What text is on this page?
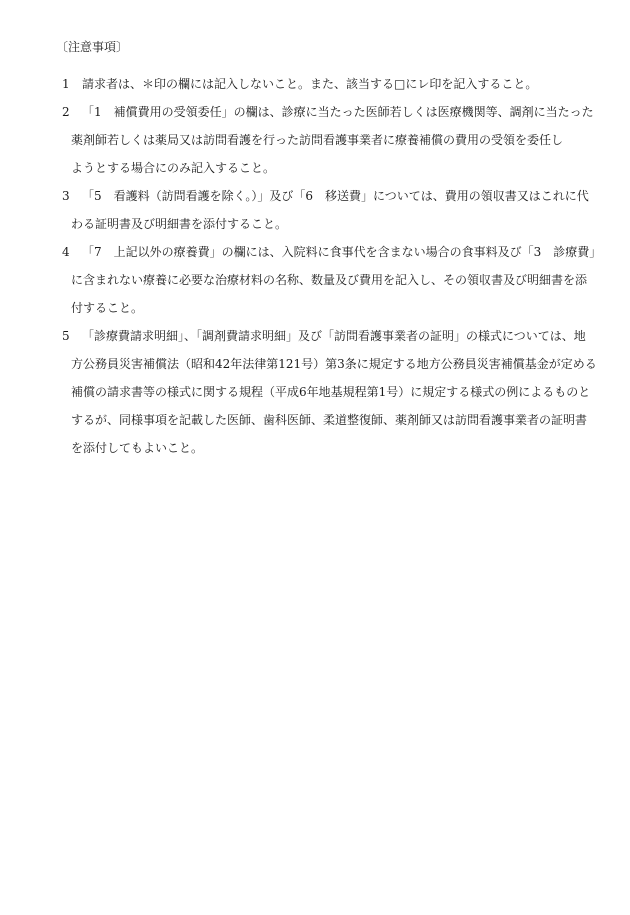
〔注意事項〕
1 請求者は、＊印の欄には記入しないこと。また、該当する□にレ印を記入すること。
2 「1　補償費用の受領委任」の欄は、診療に当たった医師若しくは医療機関等、調剤に当たった
薬剤師若しくは薬局又は訪問看護を行った訪問看護事業者に療養補償の費用の受領を委任し
ようとする場合にのみ記入すること。
3 「5　看護料（訪問看護を除く。）」及び「6　移送費」については、費用の領収書又はこれに代
わる証明書及び明細書を添付すること。
4 「7　上記以外の療養費」の欄には、入院料に食事代を含まない場合の食事料及び「3　診療費」
に含まれない療養に必要な治療材料の名称、数量及び費用を記入し、その領収書及び明細書を添
付すること。
5 「診療費請求明細」、「調剤費請求明細」及び「訪問看護事業者の証明」の様式については、地
方公務員災害補償法（昭和42年法律第121号）第3条に規定する地方公務員災害補償基金が定める
補償の請求書等の様式に関する規程（平成6年地基規程第1号）に規定する様式の例によるものと
するが、同様事項を記載した医師、歯科医師、柔道整復師、薬剤師又は訪問看護事業者の証明書
を添付してもよいこと。
